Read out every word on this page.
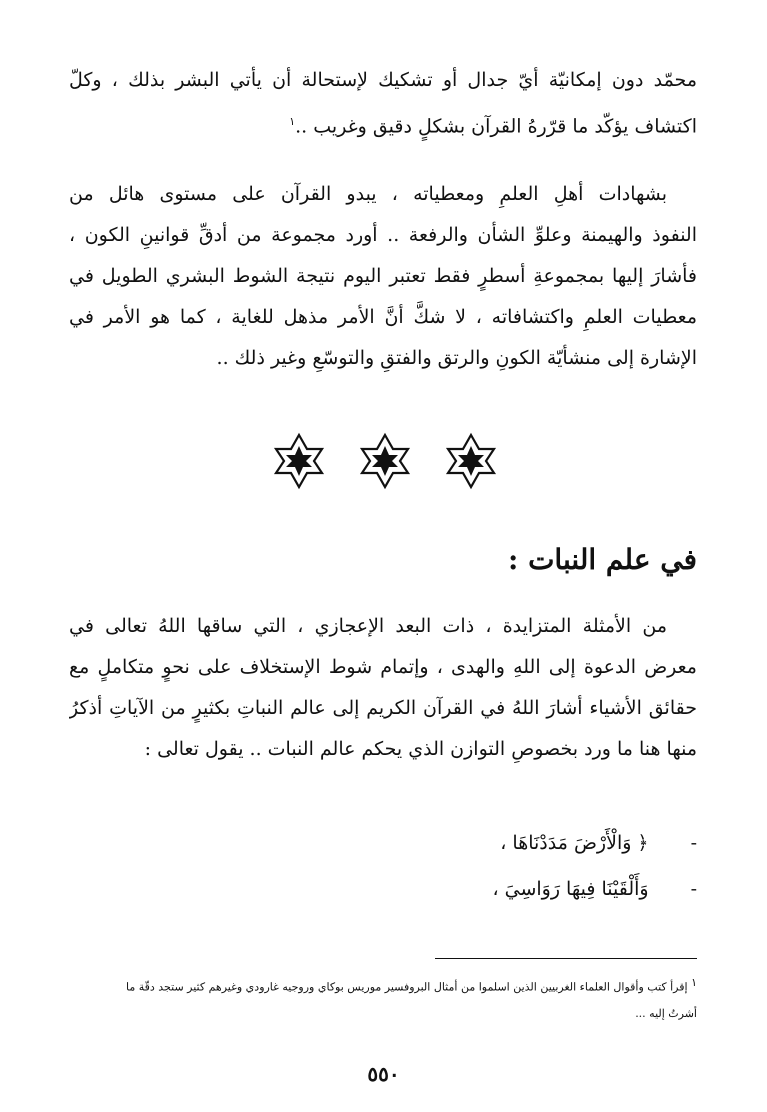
محمّد دون إمكانيّة أيّ جدال أو تشكيك لإستحالة أن يأتي البشر بذلك ، وكلّ
اكتشاف يؤكّد ما قرّرهُ القرآن بشكلٍ دقيق وغريب ..$^١$

بشهادات أهلِ العلمِ ومعطياته ، يبدو القرآن على مستوى هائل من
النفوذ والهيمنة وعلوِّ الشأن والرفعة .. أورد مجموعة من أدقِّ قوانينِ الكون ،
فأشارَ إليها بمجموعةِ أسطرٍ فقط تعتبر اليوم نتيجة الشوط البشري الطويل في
معطيات العلمِ واكتشافاته ، لا شكَّ أنَّ الأمر مذهل للغاية ، كما هو الأمر في
الإشارة إلى منشأيّة الكونِ والرتق والفتقِ والتوسّعِ وغير ذلك ..

في علم النبات :

من الأمثلة المتزايدة ، ذات البعد الإعجازي ، التي ساقها اللهُ تعالى في
معرض الدعوة إلى اللهِ والهدى ، وإتمام شوط الإستخلاف على نحوٍ متكاملٍ مع
حقائق الأشياء أشارَ اللهُ في القرآن الكريم إلى عالم النباتِ بكثيرٍ من الآياتِ أذكرُ
منها هنا ما ورد بخصوصِ التوازن الذي يحكم عالم النبات .. يقول تعالى :

-
﴿ وَالْأَرْضَ مَدَدْنَاهَا ،
-
وَأَلْقَيْنَا فِيهَا رَوَاسِيَ ،

١ إقرأ كتب وأقوال العلماء الغربيين الذين اسلموا من أمثال البروفسير موريس بوكاي وروجيه غارودي وغيرهم كثير ستجد دقّة ما
أشرتُ إليه ...

٥٥٠
